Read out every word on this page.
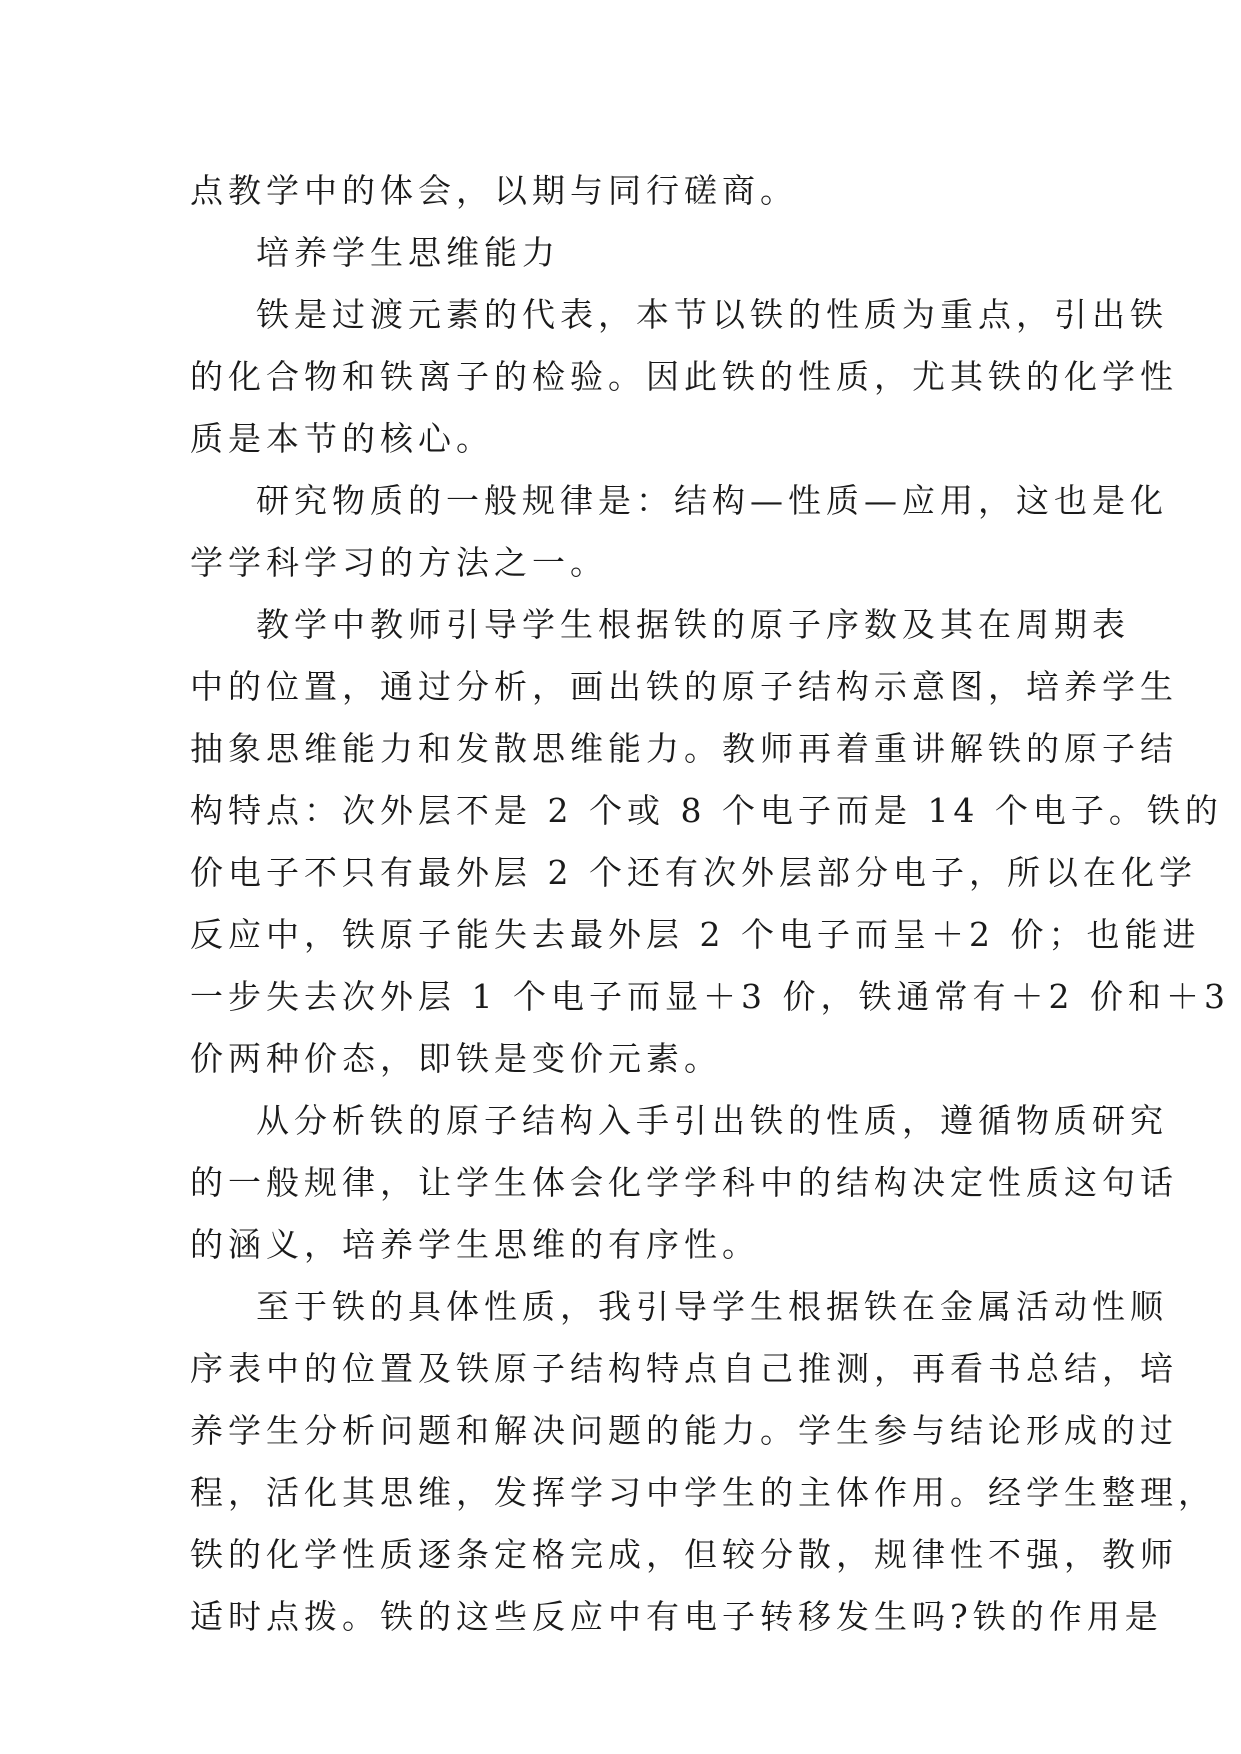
点教学中的体会，以期与同行磋商。
培养学生思维能力
铁是过渡元素的代表，本节以铁的性质为重点，引出铁
的化合物和铁离子的检验。因此铁的性质，尤其铁的化学性
质是本节的核心。
研究物质的一般规律是：结构—性质—应用，这也是化
学学科学习的方法之一。
教学中教师引导学生根据铁的原子序数及其在周期表
中的位置，通过分析，画出铁的原子结构示意图，培养学生
抽象思维能力和发散思维能力。教师再着重讲解铁的原子结
构特点：次外层不是 2 个或 8 个电子而是 14 个电子。铁的
价电子不只有最外层 2 个还有次外层部分电子，所以在化学
反应中，铁原子能失去最外层 2 个电子而呈＋2 价；也能进
一步失去次外层 1 个电子而显＋3 价，铁通常有＋2 价和＋3
价两种价态，即铁是变价元素。
从分析铁的原子结构入手引出铁的性质，遵循物质研究
的一般规律，让学生体会化学学科中的结构决定性质这句话
的涵义，培养学生思维的有序性。
至于铁的具体性质，我引导学生根据铁在金属活动性顺
序表中的位置及铁原子结构特点自己推测，再看书总结，培
养学生分析问题和解决问题的能力。学生参与结论形成的过
程，活化其思维，发挥学习中学生的主体作用。经学生整理，
铁的化学性质逐条定格完成，但较分散，规律性不强，教师
适时点拨。铁的这些反应中有电子转移发生吗?铁的作用是
